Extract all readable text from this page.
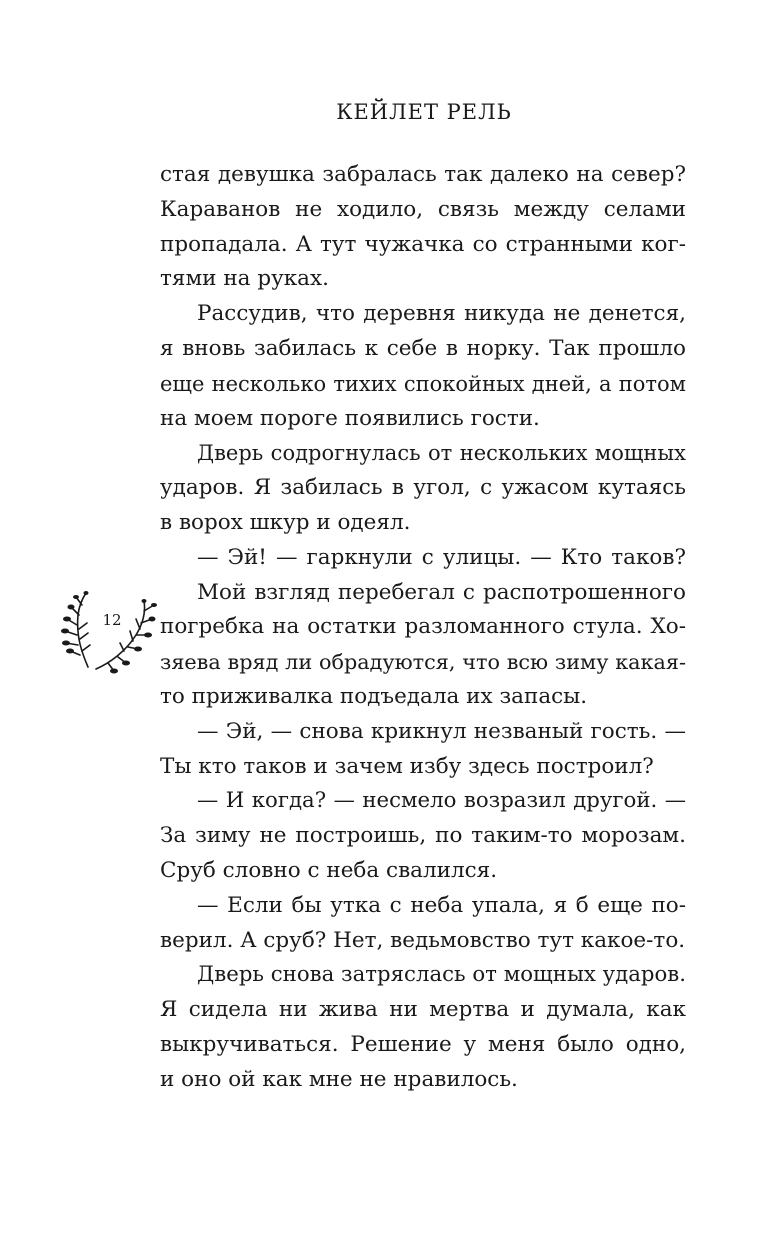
КЕЙЛЕТ РЕЛЬ
12
стая девушка забралась так далеко на север?
Караванов не ходило, связь между селами
пропадала. А тут чужачка со странными ког-
тями на руках.
Рассудив, что деревня никуда не денется,
я вновь забилась к себе в норку. Так прошло
еще несколько тихих спокойных дней, а потом
на моем пороге появились гости.
Дверь содрогнулась от нескольких мощных
ударов. Я забилась в угол, с ужасом кутаясь
в ворох шкур и одеял.
— Эй! — гаркнули с улицы. — Кто таков?
Мой взгляд перебегал с распотрошенного
погребка на остатки разломанного стула. Хо-
зяева вряд ли обрадуются, что всю зиму какая-
то приживалка подъедала их запасы.
— Эй, — снова крикнул незваный гость. —
Ты кто таков и зачем избу здесь построил?
— И когда? — несмело возразил другой. —
За зиму не построишь, по таким-то морозам.
Сруб словно с неба свалился.
— Если бы утка с неба упала, я б еще по-
верил. А сруб? Нет, ведьмовство тут какое-то.
Дверь снова затряслась от мощных ударов.
Я сидела ни жива ни мертва и думала, как
выкручиваться. Решение у меня было одно,
и оно ой как мне не нравилось.
